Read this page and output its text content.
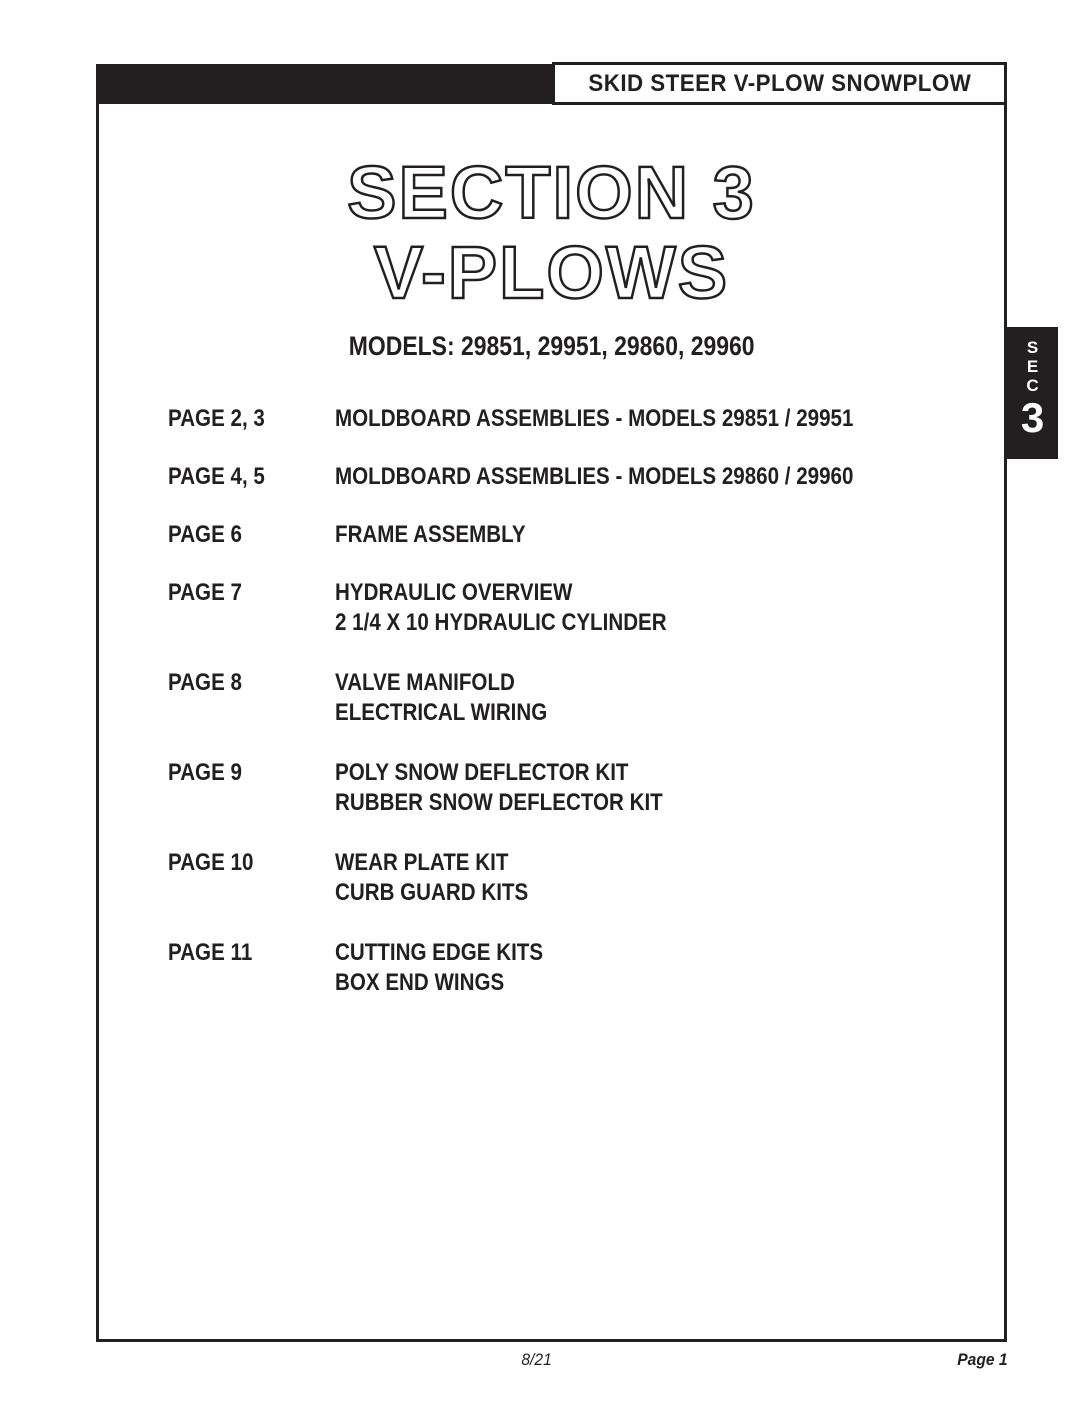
SKID STEER V-PLOW SNOWPLOW
SECTION 3
V-PLOWS
MODELS: 29851, 29951, 29860, 29960
PAGE 2, 3	MOLDBOARD ASSEMBLIES - MODELS 29851 / 29951
PAGE 4, 5	MOLDBOARD ASSEMBLIES - MODELS 29860 / 29960
PAGE 6	FRAME ASSEMBLY
PAGE 7	HYDRAULIC OVERVIEW
2 1/4 X 10 HYDRAULIC CYLINDER
PAGE 8	VALVE MANIFOLD
ELECTRICAL WIRING
PAGE 9	POLY SNOW DEFLECTOR KIT
RUBBER SNOW DEFLECTOR KIT
PAGE 10	WEAR PLATE KIT
CURB GUARD KITS
PAGE 11	CUTTING EDGE KITS
BOX END WINGS
S
E
C
3
8/21	Page 1
